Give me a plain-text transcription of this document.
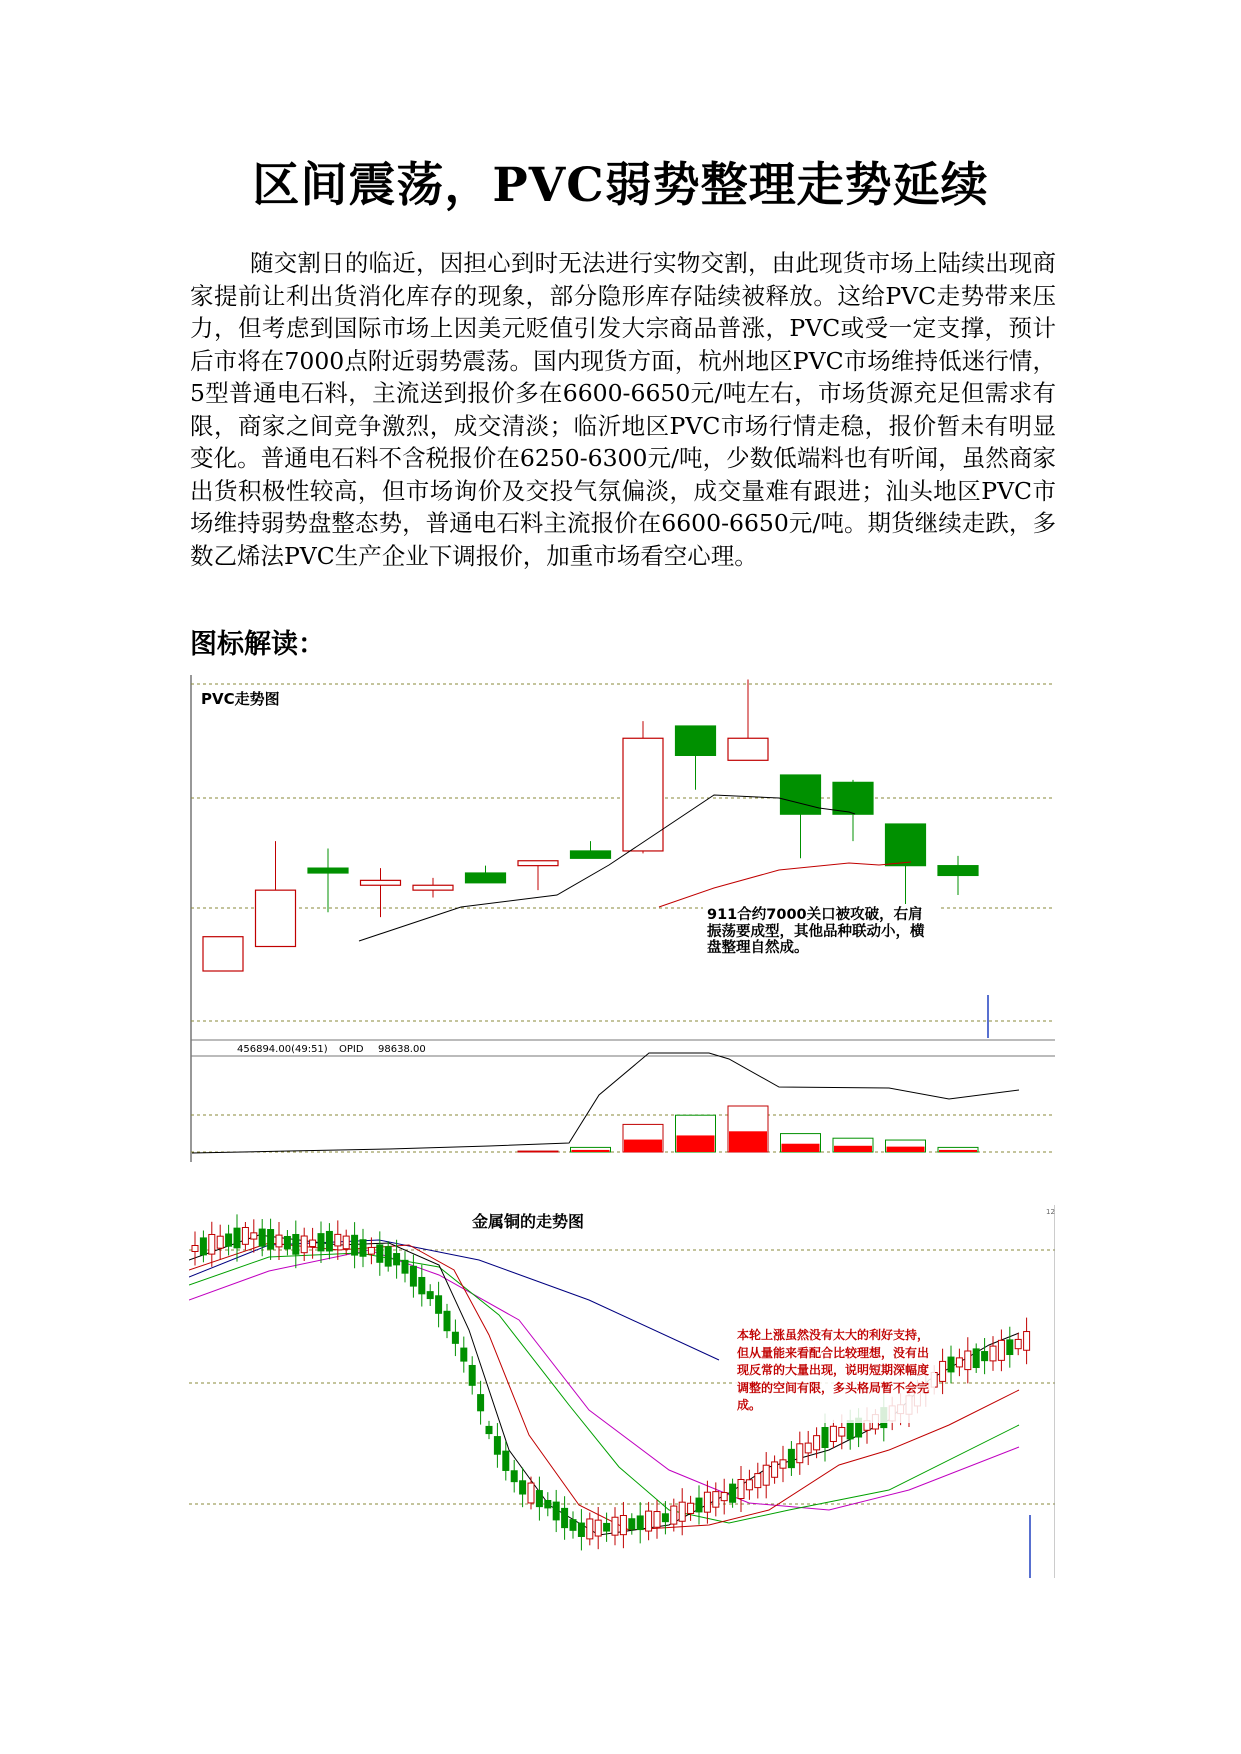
区间震荡，PVC弱势整理走势延续
随交割日的临近，因担心到时无法进行实物交割，由此现货市场上陆续出现商家提前让利出货消化库存的现象，部分隐形库存陆续被释放。这给PVC走势带来压力，但考虑到国际市场上因美元贬值引发大宗商品普涨，PVC或受一定支撑，预计后市将在7000点附近弱势震荡。国内现货方面，杭州地区PVC市场维持低迷行情，5型普通电石料，主流送到报价多在6600-6650元/吨左右，市场货源充足但需求有限，商家之间竞争激烈，成交清淡；临沂地区PVC市场行情走稳，报价暂未有明显变化。普通电石料不含税报价在6250-6300元/吨，少数低端料也有听闻，虽然商家出货积极性较高，但市场询价及交投气氛偏淡，成交量难有跟进；汕头地区PVC市场维持弱势盘整态势，普通电石料主流报价在6600-6650元/吨。期货继续走跌，多数乙烯法PVC生产企业下调报价，加重市场看空心理。
图标解读：
PVC走势图
456894.00(49:51) OPID 98638.00
911合约7000关口被攻破，右肩振荡要成型，其他品种联动小，横盘整理自然成。
金属铜的走势图	12
本轮上涨虽然没有太大的利好支持，但从量能来看配合比较理想，没有出现反常的大量出现，说明短期深幅度调整的空间有限，多头格局暂不会完成。
